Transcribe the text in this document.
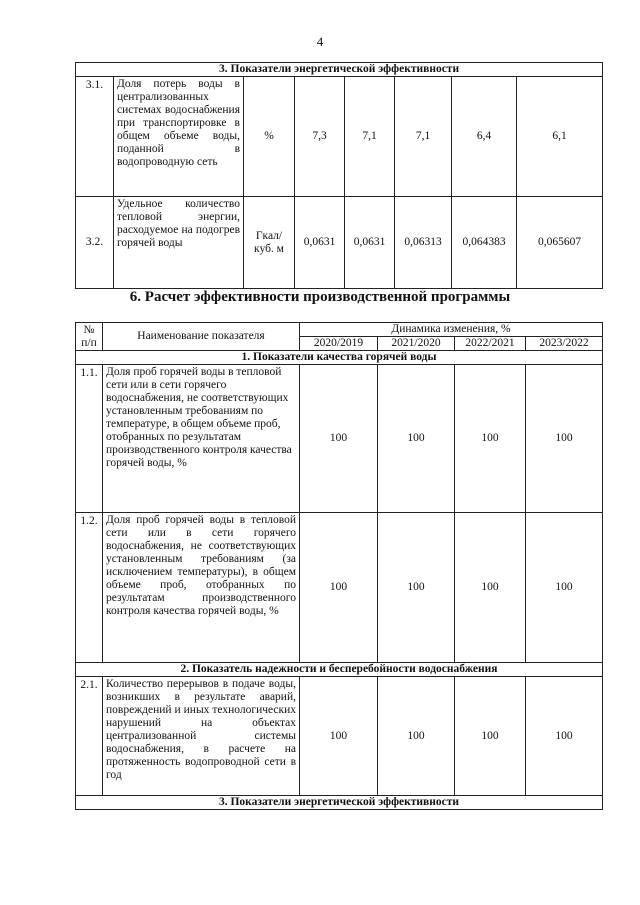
4
3. Показатели энергетической эффективности							
3.1.	Доля потерь воды в централизованных системах водоснабжения при транспортировке в общем объеме воды, поданной в водопроводную сеть	%	7,3	7,1	7,1	6,4	6,1
3.2.	Удельное количество тепловой энергии, расходуемое на подогрев горячей воды	Гкал/ куб. м	0,0631	0,0631	0,06313	0,064383	0,065607
6. Расчет эффективности производственной программы
№ п/п	Наименование показателя	Динамика изменения, %			
		2020/2019	2021/2020	2022/2021	2023/2022
1. Показатели качества горячей воды					
1.1.	Доля проб горячей воды в тепловой сети или в сети горячего водоснабжения, не соответствующих установленным требованиям по температуре, в общем объеме проб, отобранных по результатам производственного контроля качества горячей воды, %	100	100	100	100
1.2.	Доля проб горячей воды в тепловой сети или в сети горячего водоснабжения, не соответствующих установленным требованиям (за исключением температуры), в общем объеме проб, отобранных по результатам производственного контроля качества горячей воды, %	100	100	100	100
2. Показатель надежности и бесперебойности водоснабжения					
2.1.	Количество перерывов в подаче воды, возникших в результате аварий, повреждений и иных технологических нарушений на объектах централизованной системы водоснабжения, в расчете на протяженность водопроводной сети в год	100	100	100	100
3. Показатели энергетической эффективности					
